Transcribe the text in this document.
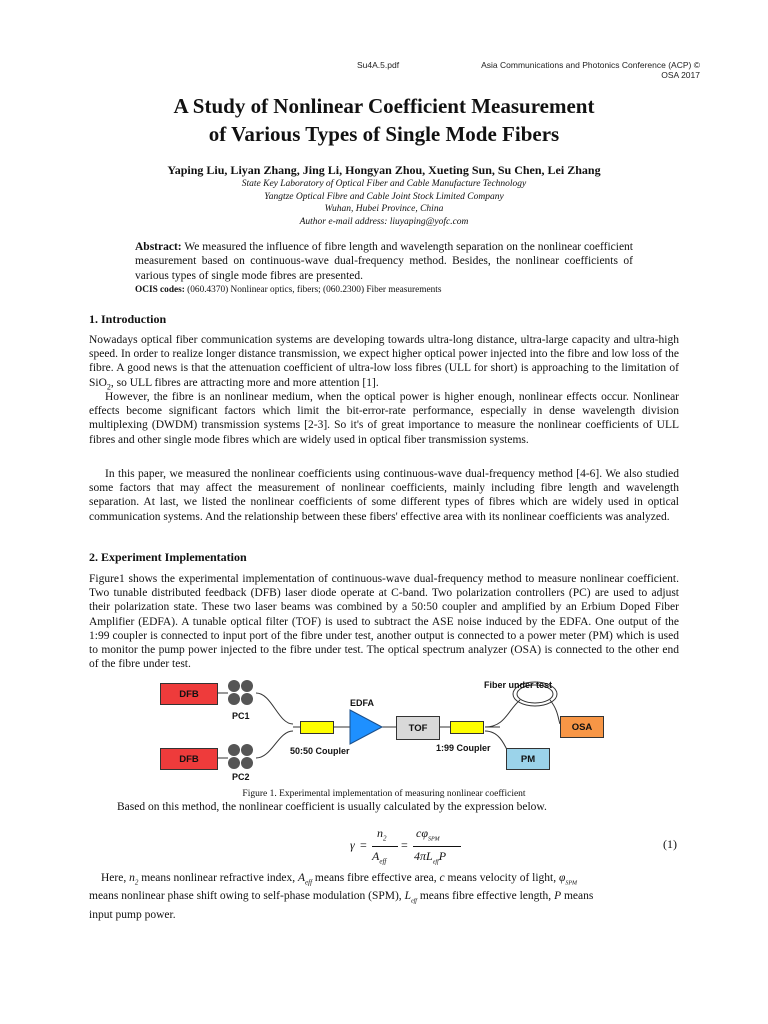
Su4A.5.pdf	Asia Communications and Photonics Conference (ACP) ©
OSA 2017
A Study of Nonlinear Coefficient Measurement
of Various Types of Single Mode Fibers
Yaping Liu, Liyan Zhang, Jing Li, Hongyan Zhou, Xueting Sun, Su Chen, Lei Zhang
State Key Laboratory of Optical Fiber and Cable Manufacture Technology
Yangtze Optical Fibre and Cable Joint Stock Limited Company
Wuhan, Hubei Province, China
Author e-mail address: liuyaping@yofc.com
Abstract: We measured the influence of fibre length and wavelength separation on the nonlinear coefficient measurement based on continuous-wave dual-frequency method. Besides, the nonlinear coefficients of various types of single mode fibres are presented.
OCIS codes: (060.4370) Nonlinear optics, fibers; (060.2300) Fiber measurements
1. Introduction
Nowadays optical fiber communication systems are developing towards ultra-long distance, ultra-large capacity and ultra-high speed. In order to realize longer distance transmission, we expect higher optical power injected into the fibre and low loss of the fibre. A good news is that the attenuation coefficient of ultra-low loss fibres (ULL for short) is approaching to the limitation of SiO$_2$, so ULL fibres are attracting more and more attention [1].
However, the fibre is an nonlinear medium, when the optical power is higher enough, nonlinear effects occur. Nonlinear effects become significant factors which limit the bit-error-rate performance, especially in dense wavelength division multiplexing (DWDM) transmission systems [2-3]. So it's of great importance to measure the nonlinear coefficients of ULL fibres and other single mode fibres which are widely used in optical fiber transmission systems.
In this paper, we measured the nonlinear coefficients using continuous-wave dual-frequency method [4-6]. We also studied some factors that may affect the measurement of nonlinear coefficients, mainly including fibre length and wavelength separation. At last, we listed the nonlinear coefficients of some different types of fibres which are widely used in optical communication systems. And the relationship between these fibers' effective area with its nonlinear coefficients was analyzed.
2. Experiment Implementation
Figure1 shows the experimental implementation of continuous-wave dual-frequency method to measure nonlinear coefficient. Two tunable distributed feedback (DFB) laser diode operate at C-band. Two polarization controllers (PC) are used to adjust their polarization state. These two laser beams was combined by a 50:50 coupler and amplified by an Erbium Doped Fiber Amplifier (EDFA). A tunable optical filter (TOF) is used to subtract the ASE noise induced by the EDFA. One output of the 1:99 coupler is connected to input port of the fibre under test, another output is connected to a power meter (PM) which is used to monitor the pump power injected to the fibre under test. The optical spectrum analyzer (OSA) is connected to the other end of the fibre under test.
DFB
DFB
PC1
PC2
50:50 Coupler
EDFA
TOF
1:99 Coupler
Fiber under test
OSA
PM
Figure 1. Experimental implementation of measuring nonlinear coefficient
Based on this method, the nonlinear coefficient is usually calculated by the expression below.
γ =
$n_2$
$A_{eff}$
=
$c\varphi_{SPM}$
$4\pi L_{eff}P$
(1)
Here, $n_2$ means nonlinear refractive index, $A_{eff}$ means fibre effective area, c means velocity of light, $\varphi_{SPM}$
means nonlinear phase shift owing to self-phase modulation (SPM), $L_{eff}$ means fibre effective length, P means
input pump power.
